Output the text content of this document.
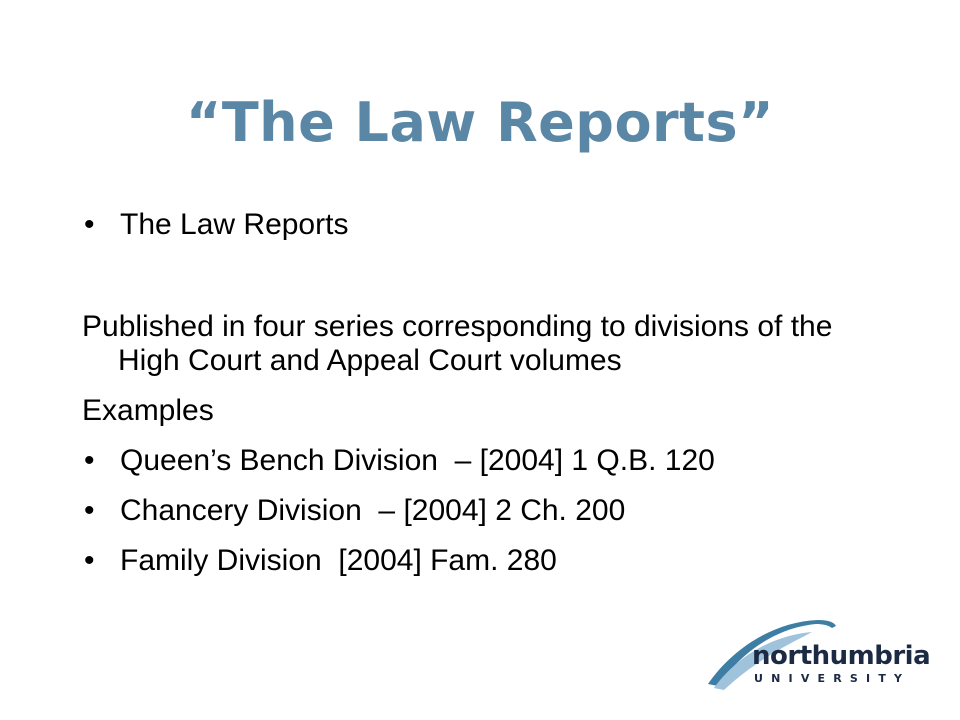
“The Law Reports”
• The Law Reports
Published in four series corresponding to divisions of the High Court and Appeal Court volumes
Examples
• Queen’s Bench Division  – [2004] 1 Q.B. 120
• Chancery Division  – [2004] 2 Ch. 200
• Family Division  [2004] Fam. 280
northumbria
UNIVERSITY
